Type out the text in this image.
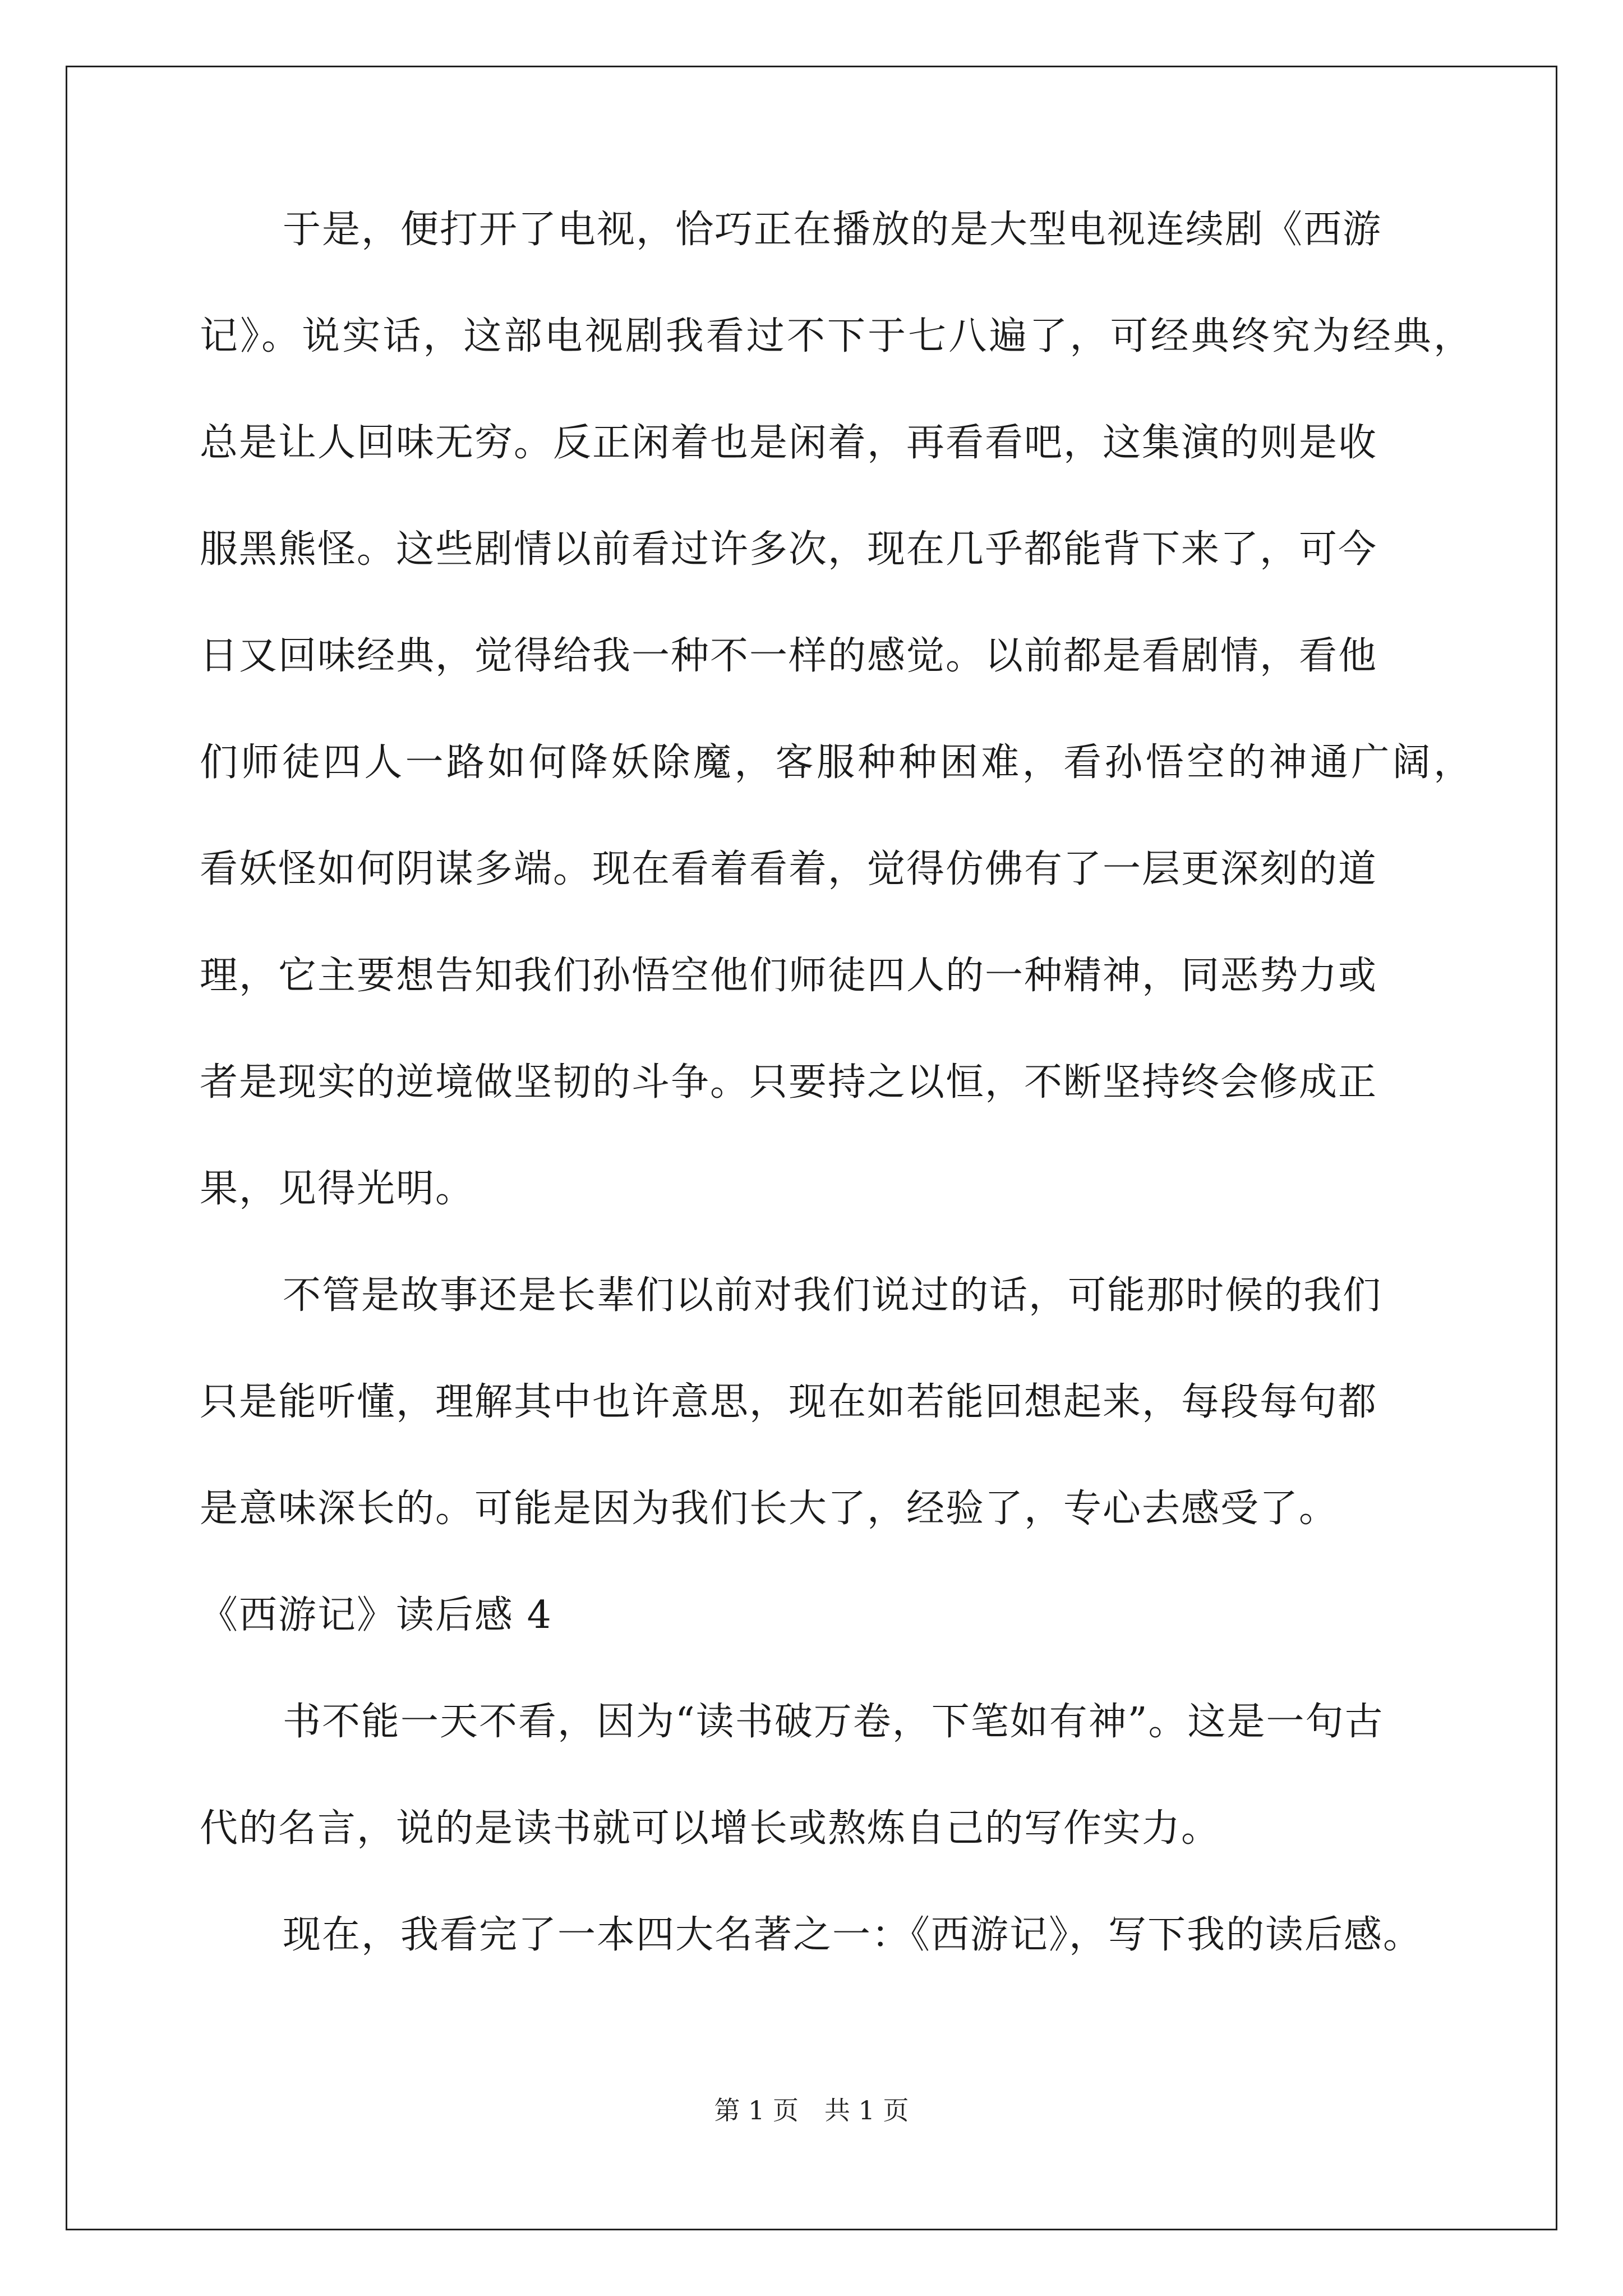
于是，便打开了电视，恰巧正在播放的是大型电视连续剧《西游
记》。说实话，这部电视剧我看过不下于七八遍了，可经典终究为经典，
总是让人回味无穷。反正闲着也是闲着，再看看吧，这集演的则是收
服黑熊怪。这些剧情以前看过许多次，现在几乎都能背下来了，可今
日又回味经典，觉得给我一种不一样的感觉。以前都是看剧情，看他
们师徒四人一路如何降妖除魔，客服种种困难，看孙悟空的神通广阔，
看妖怪如何阴谋多端。现在看着看着，觉得仿佛有了一层更深刻的道
理，它主要想告知我们孙悟空他们师徒四人的一种精神，同恶势力或
者是现实的逆境做坚韧的斗争。只要持之以恒，不断坚持终会修成正
果，见得光明。
不管是故事还是长辈们以前对我们说过的话，可能那时候的我们
只是能听懂，理解其中也许意思，现在如若能回想起来，每段每句都
是意味深长的。可能是因为我们长大了，经验了，专心去感受了。
《西游记》读后感 4
书不能一天不看，因为“读书破万卷，下笔如有神”。这是一句古
代的名言，说的是读书就可以增长或熬炼自己的写作实力。
现在，我看完了一本四大名著之一：《西游记》，写下我的读后感。
第 1 页　共 1 页
